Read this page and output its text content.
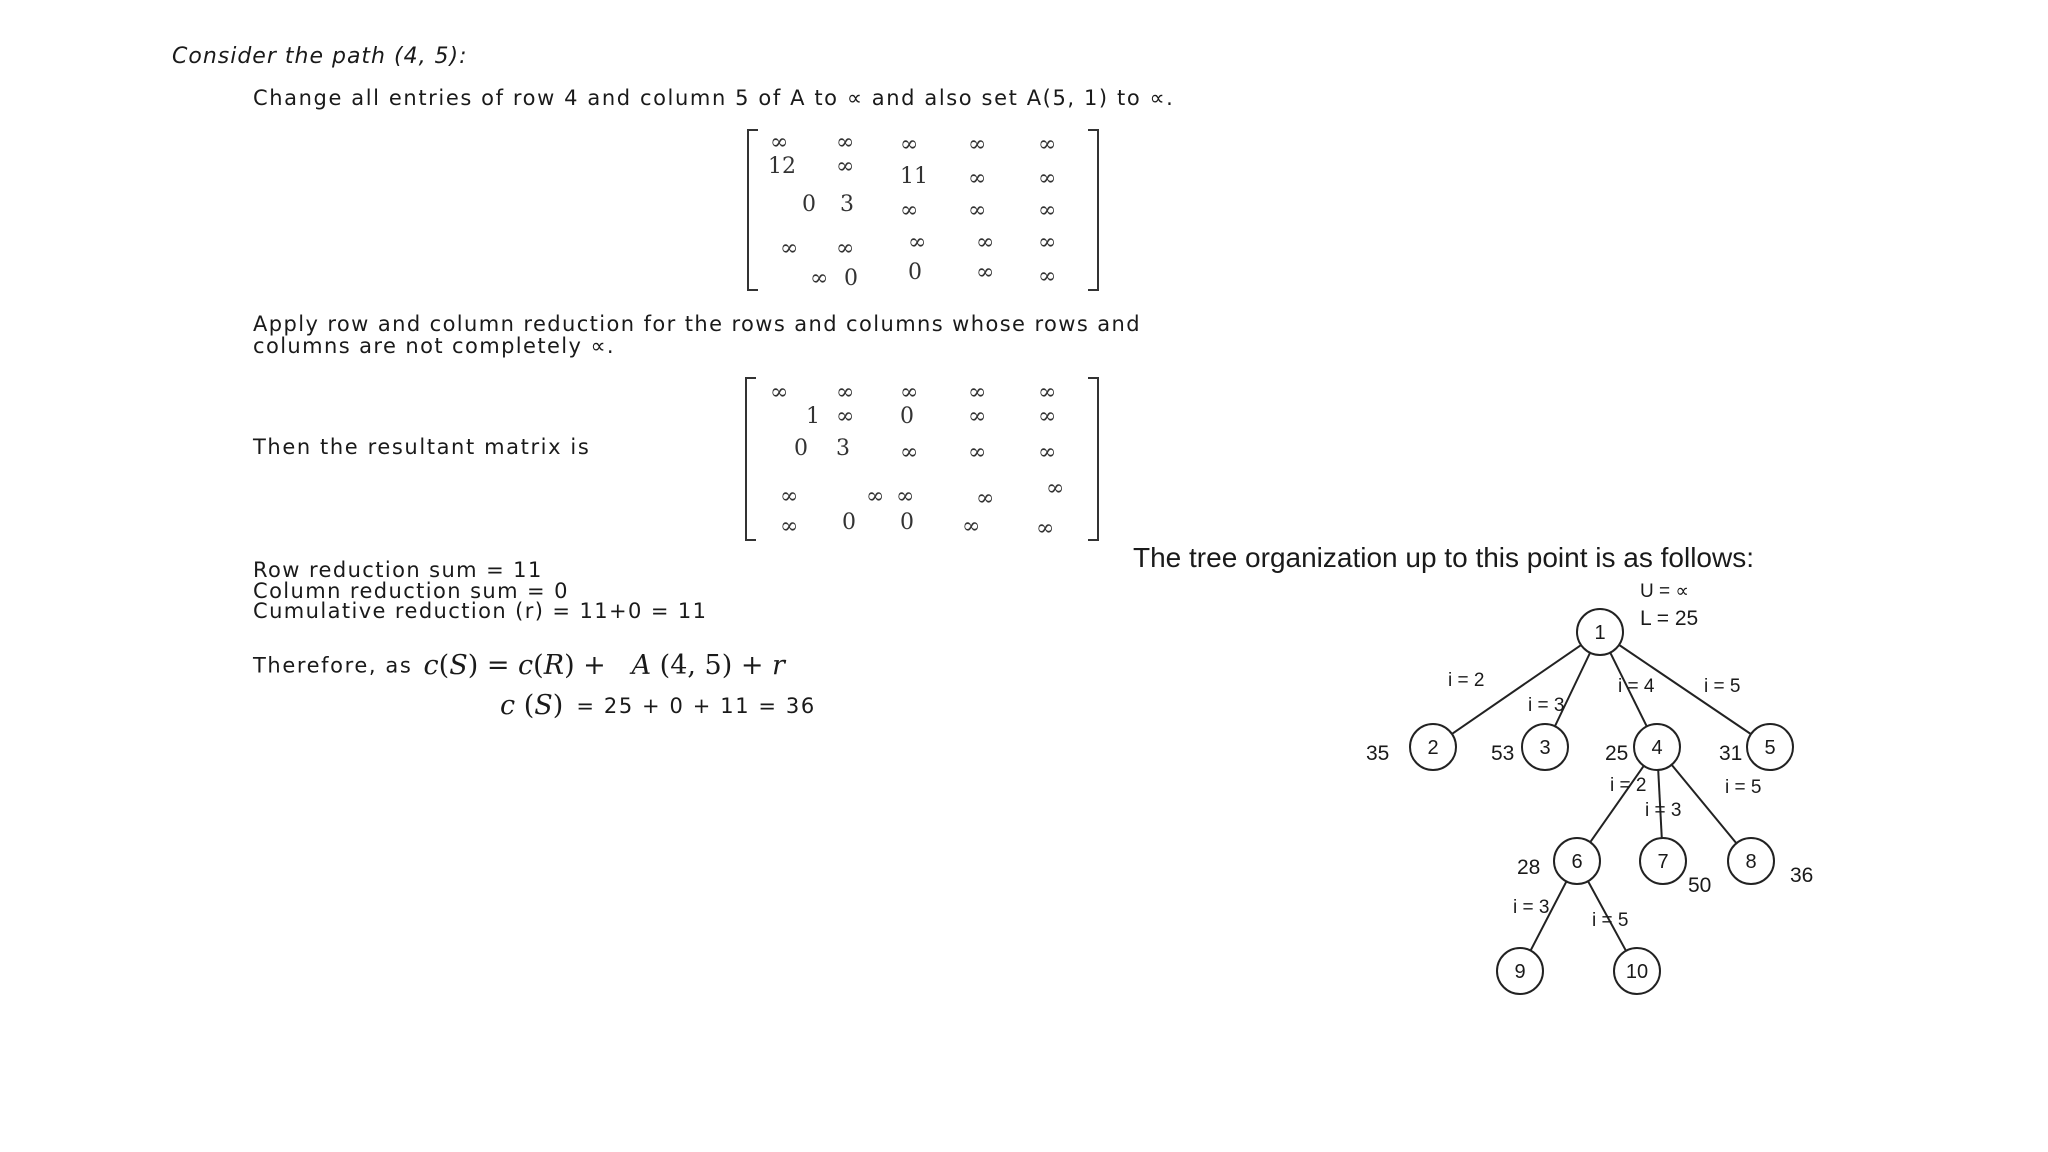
Consider the path (4, 5):
Change all entries of row 4 and column 5 of A to ∝ and also set A(5, 1) to ∝.
∞ ∞ ∞ ∞ ∞
12 ∞ 11 ∞ ∞
0 3 ∞ ∞ ∞
∞ ∞ ∞ ∞ ∞
∞ 0 0 ∞ ∞
Apply row and column reduction for the rows and columns whose rows and
columns are not completely ∝.
Then the resultant matrix is
∞ ∞ ∞ ∞ ∞
1 ∞ 0 ∞ ∞
0 3 ∞ ∞ ∞
∞	∞ ∞	∞ ∞
∞ 0 0 ∞	∞
Row reduction sum = 11
Column reduction sum = 0
Cumulative reduction (r) = 11+0 = 11
Therefore, as c(S) = c(R) +   A (4, 5) + r
c (S) = 25 + 0 + 11 = 36
The tree organization up to this point is as follows:
U = ∝
L = 25
i = 2
i = 3
i = 4	i = 5
i = 2
i = 3
i = 5
i = 3
i = 5
1
2
35	3
53	4
25	5
31
6
28	7
50
8
36
9	10
